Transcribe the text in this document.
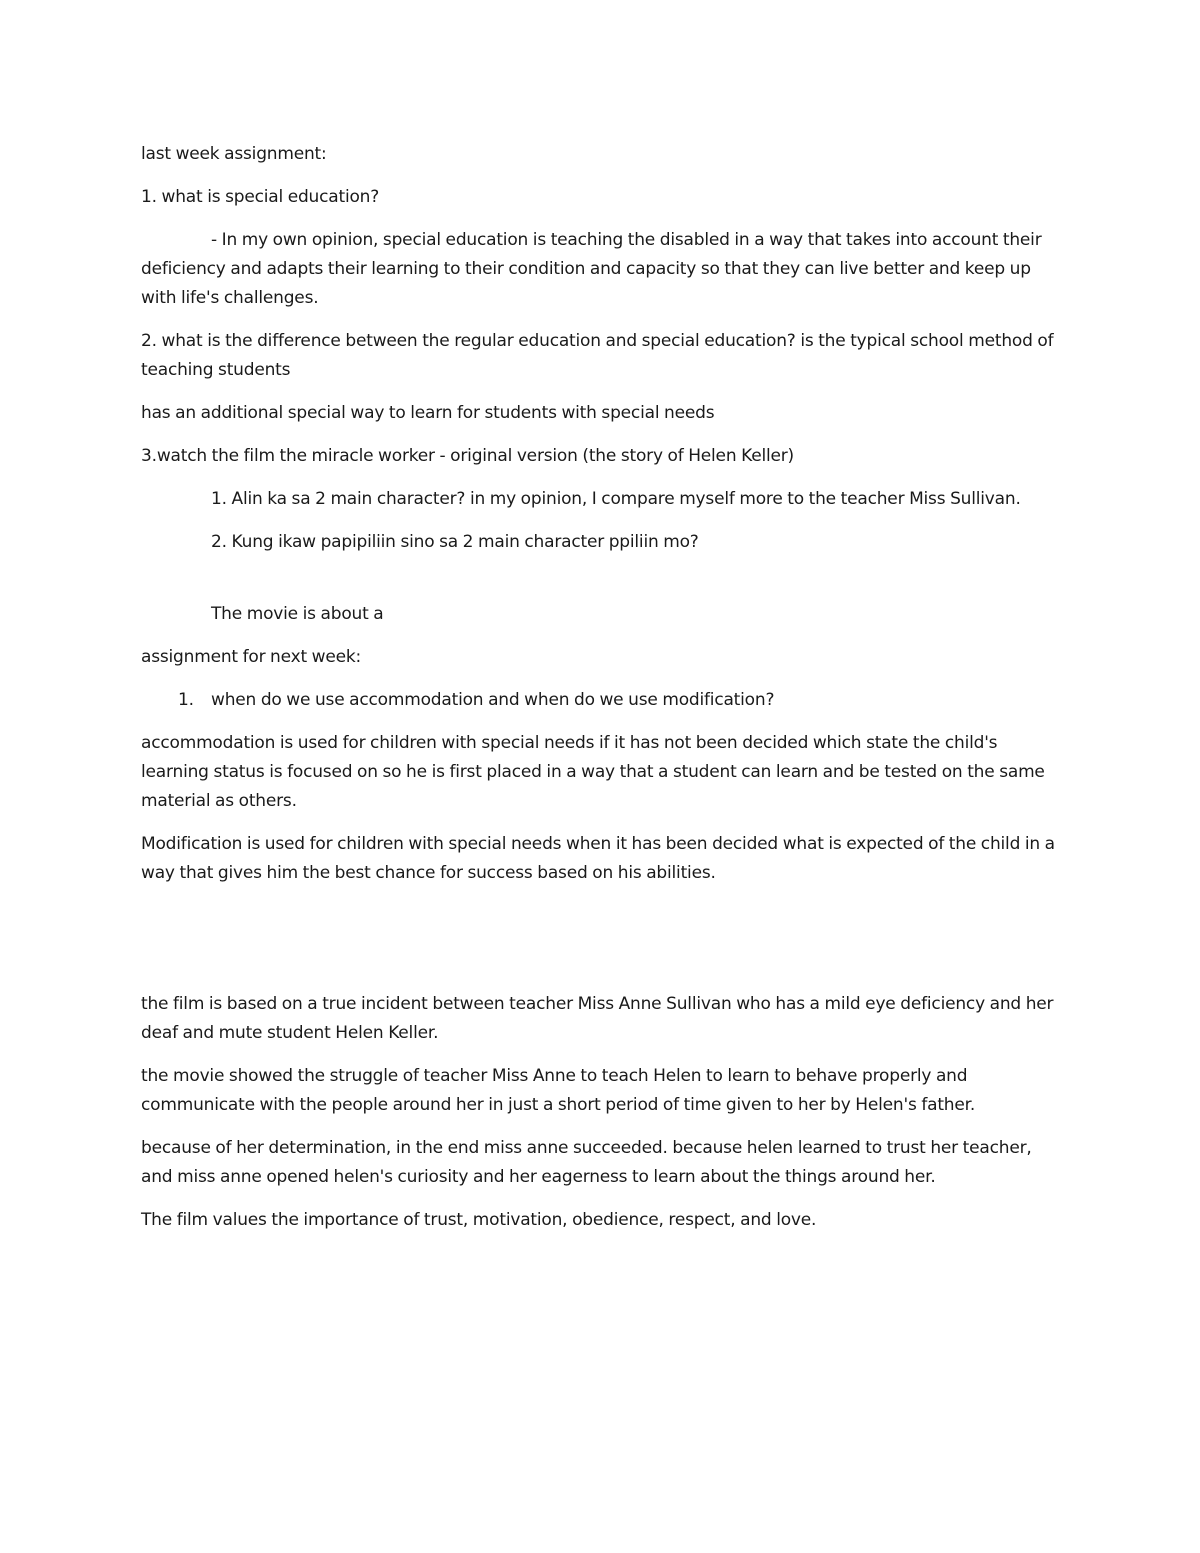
last week assignment:

1. what is special education?

- In my own opinion, special education is teaching the disabled in a way that takes into account their deficiency and adapts their learning to their condition and capacity so that they can live better and keep up with life's challenges.

2. what is the difference between the regular education and special education? is the typical school method of teaching students

has an additional special way to learn for students with special needs

3.watch the film the miracle worker - original version (the story of Helen Keller)

1. Alin ka sa 2 main character? in my opinion, I compare myself more to the teacher Miss Sullivan.

2. Kung ikaw papipiliin sino sa 2 main character ppiliin mo?

The movie is about a

assignment for next week:

1.	when do we use accommodation and when do we use modification?

accommodation is used for children with special needs if it has not been decided which state the child's learning status is focused on so he is first placed in a way that a student can learn and be tested on the same material as others.

Modification is used for children with special needs when it has been decided what is expected of the child in a way that gives him the best chance for success based on his abilities.

the film is based on a true incident between teacher Miss Anne Sullivan who has a mild eye deficiency and her deaf and mute student Helen Keller.

the movie showed the struggle of teacher Miss Anne to teach Helen to learn to behave properly and communicate with the people around her in just a short period of time given to her by Helen's father.

because of her determination, in the end miss anne succeeded. because helen learned to trust her teacher, and miss anne opened helen's curiosity and her eagerness to learn about the things around her.

The film values the importance of trust, motivation, obedience, respect, and love.
